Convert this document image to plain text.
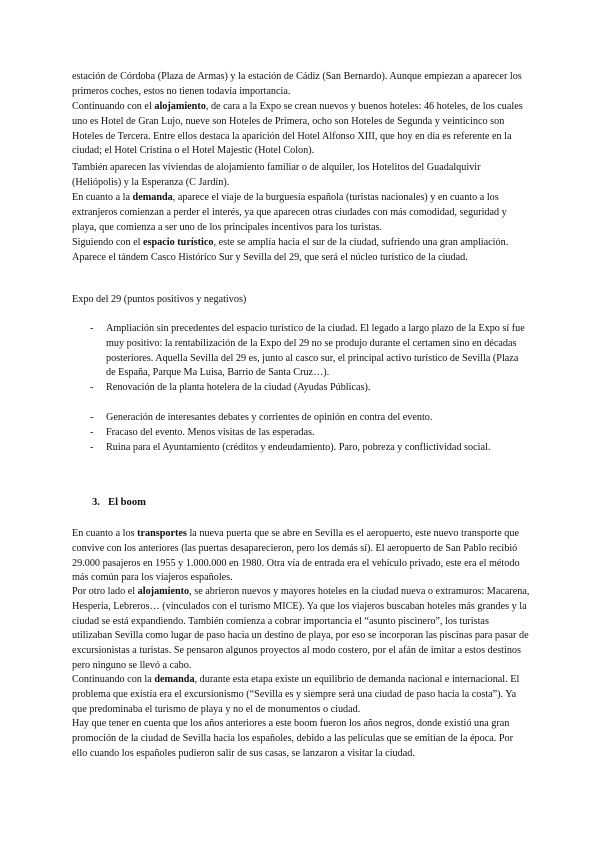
estación de Córdoba (Plaza de Armas) y la estación de Cádiz (San Bernardo). Aunque empiezan a aparecer los primeros coches, estos no tienen todavía importancia.

Continuando con el alojamiento, de cara a la Expo se crean nuevos y buenos hoteles: 46 hoteles, de los cuales uno es Hotel de Gran Lujo, nueve son Hoteles de Primera, ocho son Hoteles de Segunda y veinticinco son Hoteles de Tercera. Entre ellos destaca la aparición del Hotel Alfonso XIII, que hoy en día es referente en la ciudad; el Hotel Cristina o el Hotel Majestic (Hotel Colon).

También aparecen las viviendas de alojamiento familiar o de alquiler, los Hotelitos del Guadalquivir (Heliópolis) y la Esperanza (C Jardín).

En cuanto a la demanda, aparece el viaje de la burguesía española (turistas nacionales) y en cuanto a los extranjeros comienzan a perder el interés, ya que aparecen otras ciudades con más comodidad, seguridad y playa, que comienza a ser uno de los principales incentivos para los turistas.

Siguiendo con el espacio turístico, este se amplía hacia el sur de la ciudad, sufriendo una gran ampliación. Aparece el tándem Casco Histórico Sur y Sevilla del 29, que será el núcleo turístico de la ciudad.

Expo del 29 (puntos positivos y negativos)

- Ampliación sin precedentes del espacio turístico de la ciudad. El legado a largo plazo de la Expo sí fue muy positivo: la rentabilización de la Expo del 29 no se produjo durante el certamen sino en décadas posteriores. Aquella Sevilla del 29 es, junto al casco sur, el principal activo turístico de Sevilla (Plaza de España, Parque Ma Luisa, Barrio de Santa Cruz…).
- Renovación de la planta hotelera de la ciudad (Ayudas Públicas).
- Generación de interesantes debates y corrientes de opinión en contra del evento.
- Fracaso del evento. Menos visitas de las esperadas.
- Ruina para el Ayuntamiento (créditos y endeudamiento). Paro, pobreza y conflictividad social.
3. El boom

En cuanto a los transportes la nueva puerta que se abre en Sevilla es el aeropuerto, este nuevo transporte que convive con los anteriores (las puertas desaparecieron, pero los demás sí). El aeropuerto de San Pablo recibió 29.000 pasajeros en 1955 y 1.000.000 en 1980. Otra vía de entrada era el vehículo privado, este era el método más común para los viajeros españoles.

Por otro lado el alojamiento, se abrieron nuevos y mayores hoteles en la ciudad nueva o extramuros: Macarena, Hesperia, Lebreros… (vinculados con el turismo MICE). Ya que los viajeros buscaban hoteles más grandes y la ciudad se está expandiendo. También comienza a cobrar importancia el “asunto piscinero”, los turistas utilizaban Sevilla como lugar de paso hacia un destino de playa, por eso se incorporan las piscinas para pasar de excursionistas a turistas. Se pensaron algunos proyectos al modo costero, por el afán de imitar a estos destinos pero ninguno se llevó a cabo.

Continuando con la demanda, durante esta etapa existe un equilibrio de demanda nacional e internacional. El problema que existía era el excursionismo (“Sevilla es y siempre será una ciudad de paso hacia la costa”). Ya que predominaba el turismo de playa y no el de monumentos o ciudad.

Hay que tener en cuenta que los años anteriores a este boom fueron los años negros, donde existió una gran promoción de la ciudad de Sevilla hacia los españoles, debido a las películas que se emitían de la época. Por ello cuando los españoles pudieron salir de sus casas, se lanzaron a visitar la ciudad.
